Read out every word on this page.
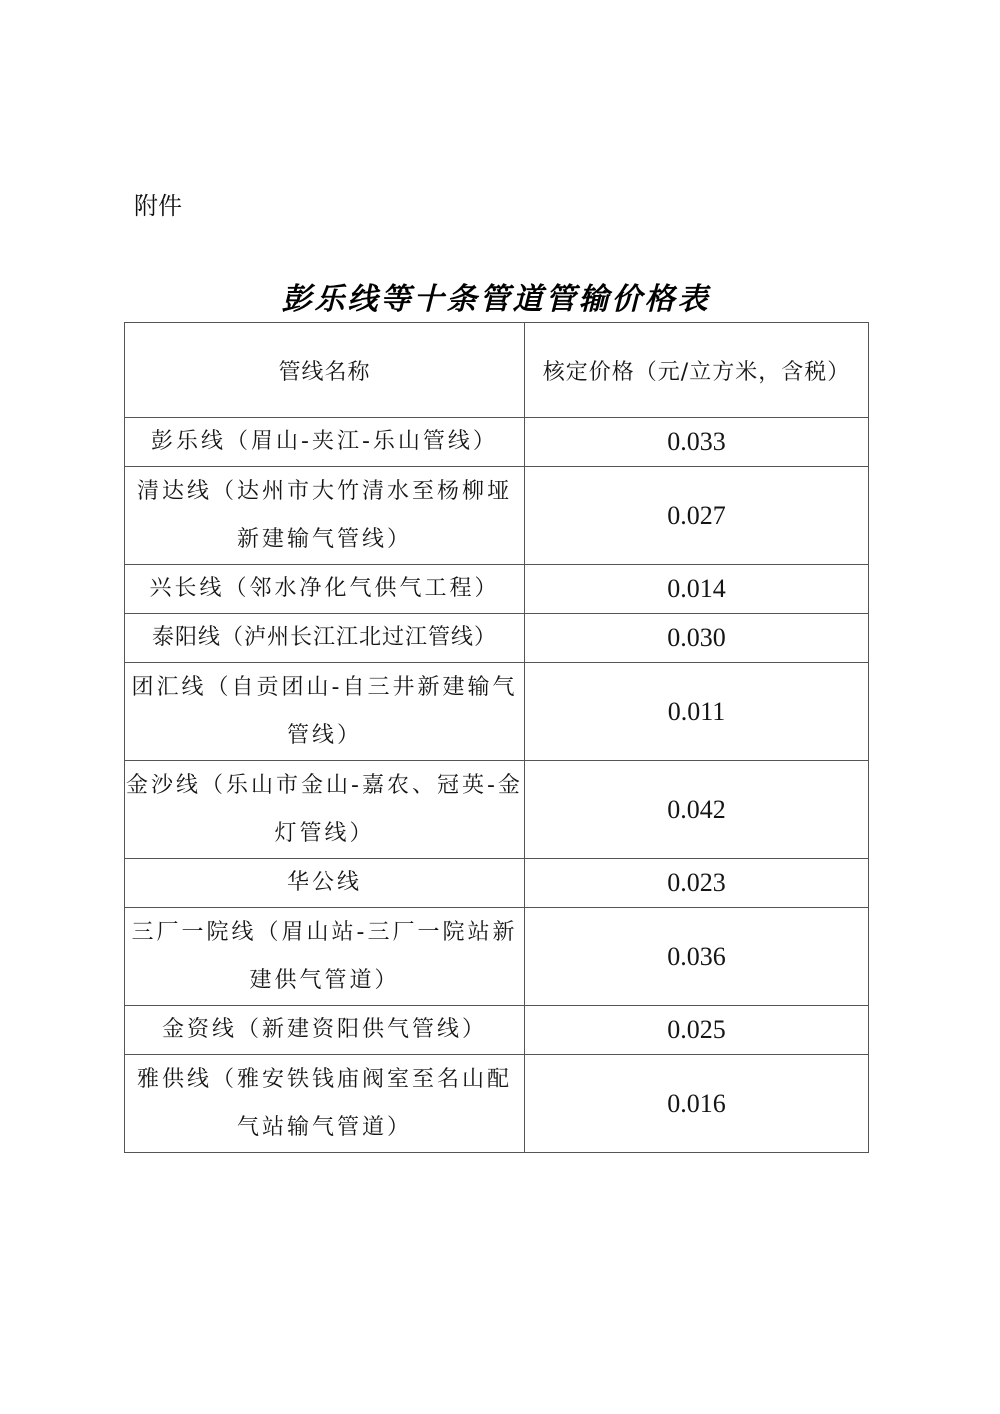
附件
彭乐线等十条管道管输价格表
管线名称	核定价格（元/立方米，含税）
彭乐线（眉山-夹江-乐山管线）	0.033
清达线（达州市大竹清水至杨柳垭新建输气管线）	0.027
兴长线（邻水净化气供气工程）	0.014
泰阳线（泸州长江江北过江管线）	0.030
团汇线（自贡团山-自三井新建输气管线）	0.011
金沙线（乐山市金山-嘉农、冠英-金灯管线）	0.042
华公线	0.023
三厂一院线（眉山站-三厂一院站新建供气管道）	0.036
金资线（新建资阳供气管线）	0.025
雅供线（雅安铁钱庙阀室至名山配气站输气管道）	0.016
